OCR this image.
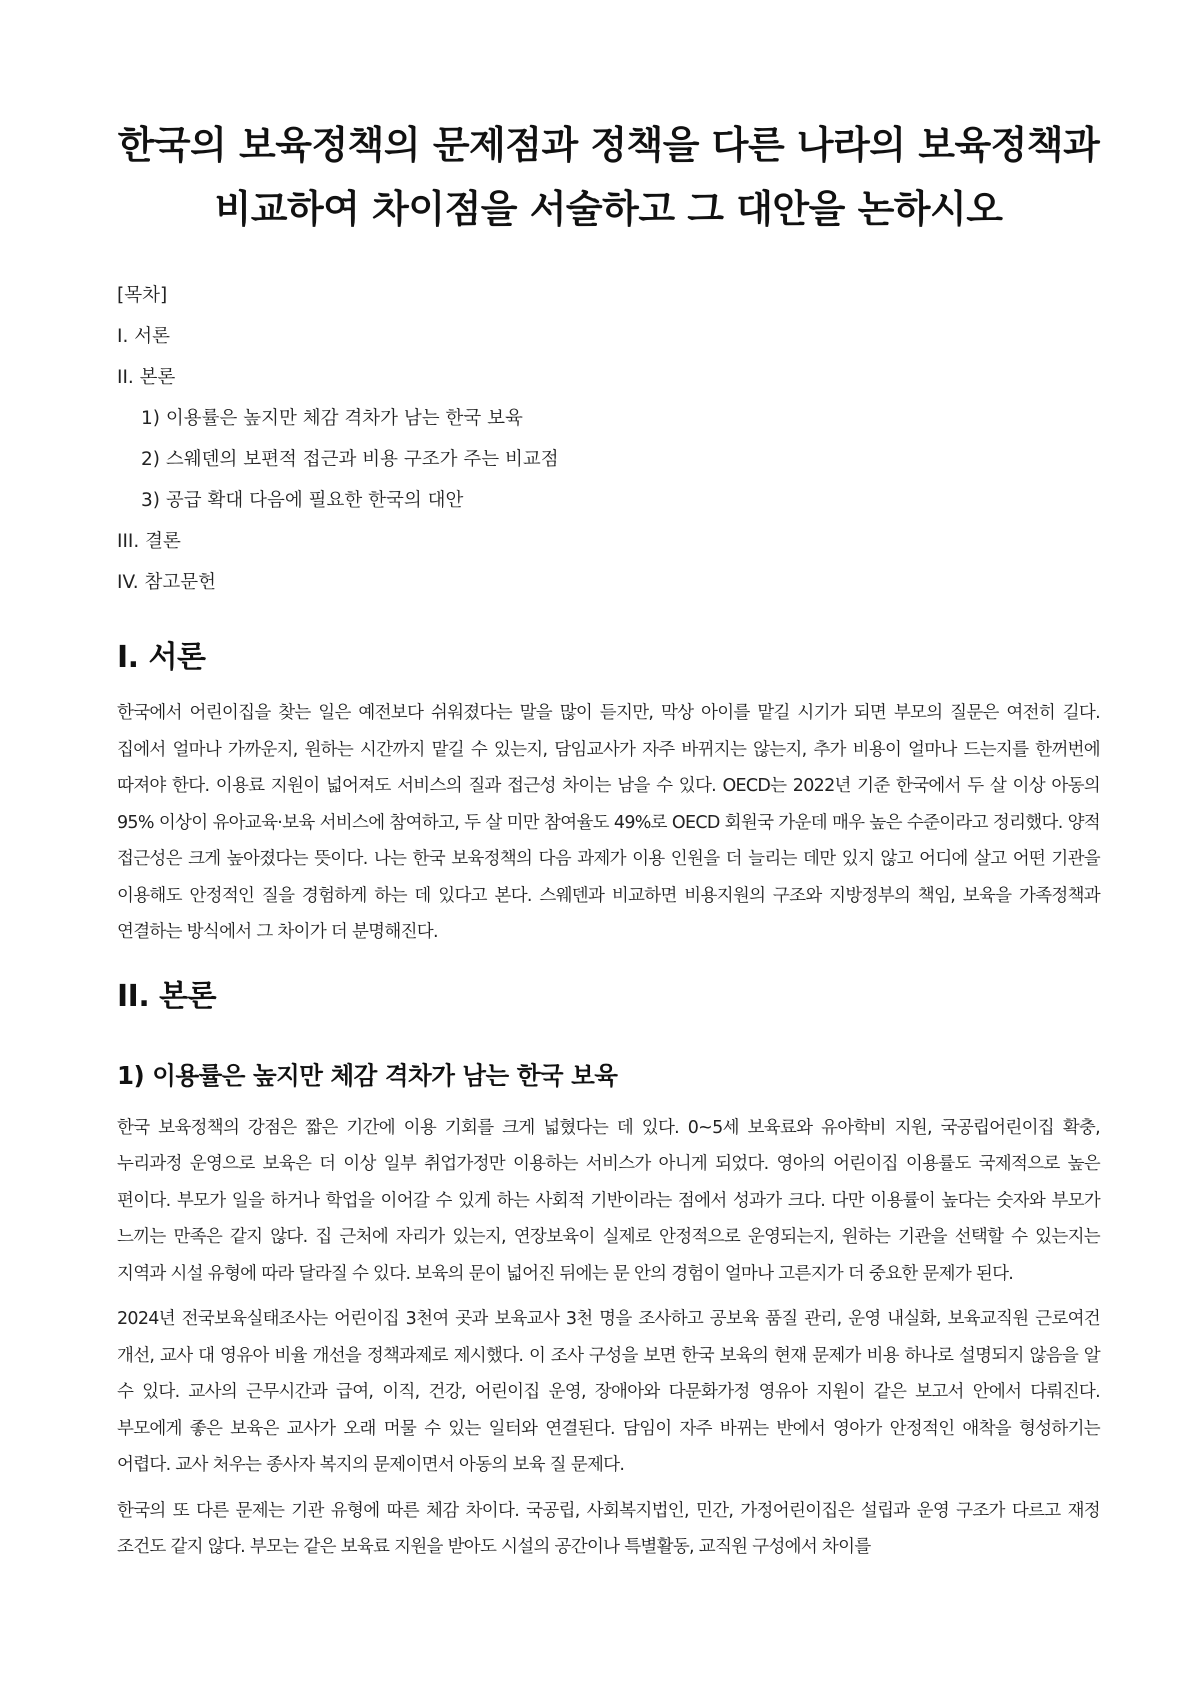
한국의 보육정책의 문제점과 정책을 다른 나라의 보육정책과 비교하여 차이점을 서술하고 그 대안을 논하시오
[목차]
I. 서론
II. 본론
1) 이용률은 높지만 체감 격차가 남는 한국 보육
2) 스웨덴의 보편적 접근과 비용 구조가 주는 비교점
3) 공급 확대 다음에 필요한 한국의 대안
III. 결론
IV. 참고문헌
I. 서론

한국에서 어린이집을 찾는 일은 예전보다 쉬워졌다는 말을 많이 듣지만, 막상 아이를 맡길 시기가 되면 부모의 질문은 여전히 길다. 집에서 얼마나 가까운지, 원하는 시간까지 맡길 수 있는지, 담임교사가 자주 바뀌지는 않는지, 추가 비용이 얼마나 드는지를 한꺼번에 따져야 한다. 이용료 지원이 넓어져도 서비스의 질과 접근성 차이는 남을 수 있다. OECD는 2022년 기준 한국에서 두 살 이상 아동의 95% 이상이 유아교육·보육 서비스에 참여하고, 두 살 미만 참여율도 49%로 OECD 회원국 가운데 매우 높은 수준이라고 정리했다. 양적 접근성은 크게 높아졌다는 뜻이다. 나는 한국 보육정책의 다음 과제가 이용 인원을 더 늘리는 데만 있지 않고 어디에 살고 어떤 기관을 이용해도 안정적인 질을 경험하게 하는 데 있다고 본다. 스웨덴과 비교하면 비용지원의 구조와 지방정부의 책임, 보육을 가족정책과 연결하는 방식에서 그 차이가 더 분명해진다.

II. 본론
1) 이용률은 높지만 체감 격차가 남는 한국 보육

한국 보육정책의 강점은 짧은 기간에 이용 기회를 크게 넓혔다는 데 있다. 0~5세 보육료와 유아학비 지원, 국공립어린이집 확충, 누리과정 운영으로 보육은 더 이상 일부 취업가정만 이용하는 서비스가 아니게 되었다. 영아의 어린이집 이용률도 국제적으로 높은 편이다. 부모가 일을 하거나 학업을 이어갈 수 있게 하는 사회적 기반이라는 점에서 성과가 크다. 다만 이용률이 높다는 숫자와 부모가 느끼는 만족은 같지 않다. 집 근처에 자리가 있는지, 연장보육이 실제로 안정적으로 운영되는지, 원하는 기관을 선택할 수 있는지는 지역과 시설 유형에 따라 달라질 수 있다. 보육의 문이 넓어진 뒤에는 문 안의 경험이 얼마나 고른지가 더 중요한 문제가 된다.

2024년 전국보육실태조사는 어린이집 3천여 곳과 보육교사 3천 명을 조사하고 공보육 품질 관리, 운영 내실화, 보육교직원 근로여건 개선, 교사 대 영유아 비율 개선을 정책과제로 제시했다. 이 조사 구성을 보면 한국 보육의 현재 문제가 비용 하나로 설명되지 않음을 알 수 있다. 교사의 근무시간과 급여, 이직, 건강, 어린이집 운영, 장애아와 다문화가정 영유아 지원이 같은 보고서 안에서 다뤄진다. 부모에게 좋은 보육은 교사가 오래 머물 수 있는 일터와 연결된다. 담임이 자주 바뀌는 반에서 영아가 안정적인 애착을 형성하기는 어렵다. 교사 처우는 종사자 복지의 문제이면서 아동의 보육 질 문제다.

한국의 또 다른 문제는 기관 유형에 따른 체감 차이다. 국공립, 사회복지법인, 민간, 가정어린이집은 설립과 운영 구조가 다르고 재정 조건도 같지 않다. 부모는 같은 보육료 지원을 받아도 시설의 공간이나 특별활동, 교직원 구성에서 차이를
